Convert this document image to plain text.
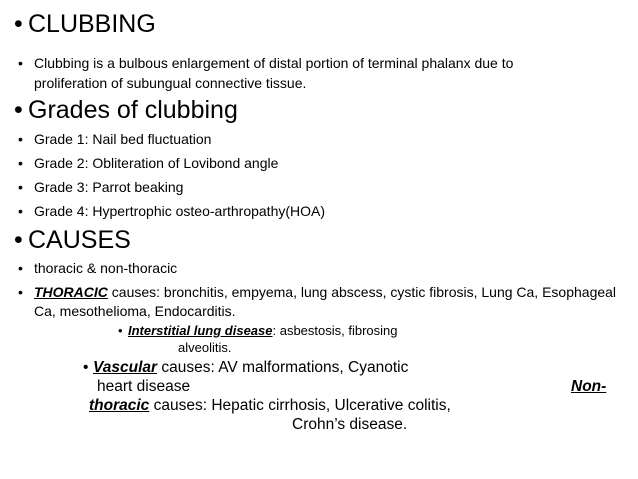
• CLUBBING
• Clubbing is a bulbous enlargement of distal portion of terminal phalanx due to
proliferation of subungual connective tissue.
• Grades of clubbing
• Grade 1: Nail bed fluctuation
• Grade 2: Obliteration of Lovibond angle
• Grade 3: Parrot beaking
• Grade 4: Hypertrophic osteo-arthropathy(HOA)
• CAUSES
• thoracic & non-thoracic
• THORACIC causes: bronchitis, empyema, lung abscess, cystic fibrosis, Lung Ca, Esophageal
Ca, mesothelioma, Endocarditis.
• Interstitial lung disease: asbestosis, fibrosing
alveolitis.
• Vascular causes: AV malformations, Cyanotic
heart disease	Non-
thoracic causes: Hepatic cirrhosis, Ulcerative colitis,
Crohn’s disease.
